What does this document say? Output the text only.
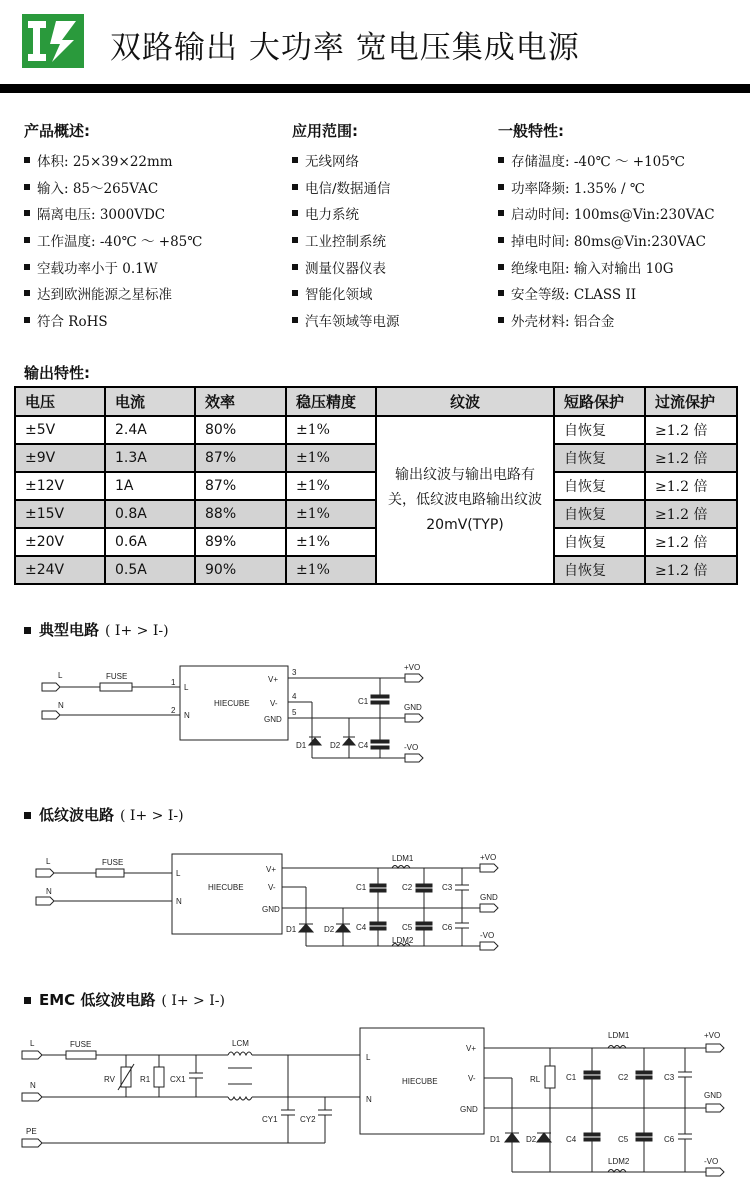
双路输出 大功率 宽电压集成电源
产品概述:
体积: 25×39×22mm
输入: 85～265VAC
隔离电压: 3000VDC
工作温度: -40℃ ～ +85℃
空载功率小于 0.1W
达到欧洲能源之星标准
符合 RoHS
应用范围:
无线网络
电信/数据通信
电力系统
工业控制系统
测量仪器仪表
智能化领域
汽车领域等电源
一般特性:
存储温度: -40℃ ～ +105℃
功率降频: 1.35% / ℃
启动时间: 100ms@Vin:230VAC
掉电时间: 80ms@Vin:230VAC
绝缘电阻: 输入对输出 10G
安全等级: CLASS II
外壳材料: 铝合金
输出特性:
电压	电流	效率	稳压精度	纹波	短路保护	过流保护
±5V	2.4A	80%	±1%	输出纹波与输出电路有关，低纹波电路输出纹波 20mV(TYP)	自恢复	≥1.2 倍
±9V	1.3A	87%	±1%		自恢复	≥1.2 倍
±12V	1A	87%	±1%		自恢复	≥1.2 倍
±15V	0.8A	88%	±1%		自恢复	≥1.2 倍
±20V	0.6A	89%	±1%		自恢复	≥1.2 倍
±24V	0.5A	90%	±1%		自恢复	≥1.2 倍
典型电路 ( I+ > I-)
L
N
FUSE
1
2
L
N
HIECUBE
V+
V-
GND
3
4
5
C1
C4
D1	D2
+VO
GND
-VO
低纹波电路 ( I+ > I-)
L
N
FUSE
L
N
HIECUBE
V+
V-
GND
LDM1
LDM2
C1	C2	C3
C4	C5	C6
D1	D2
+VO
GND
-VO
EMC 低纹波电路 ( I+ > I-)
L
N
PE
FUSE
RV	R1 CX1
LCM
CY1	CY2
L
N
HIECUBE
V+
V-
GND
RL
LDM1
LDM2
C1	C2	C3
C4	C5	C6
D1	D2
+VO
GND
-VO
